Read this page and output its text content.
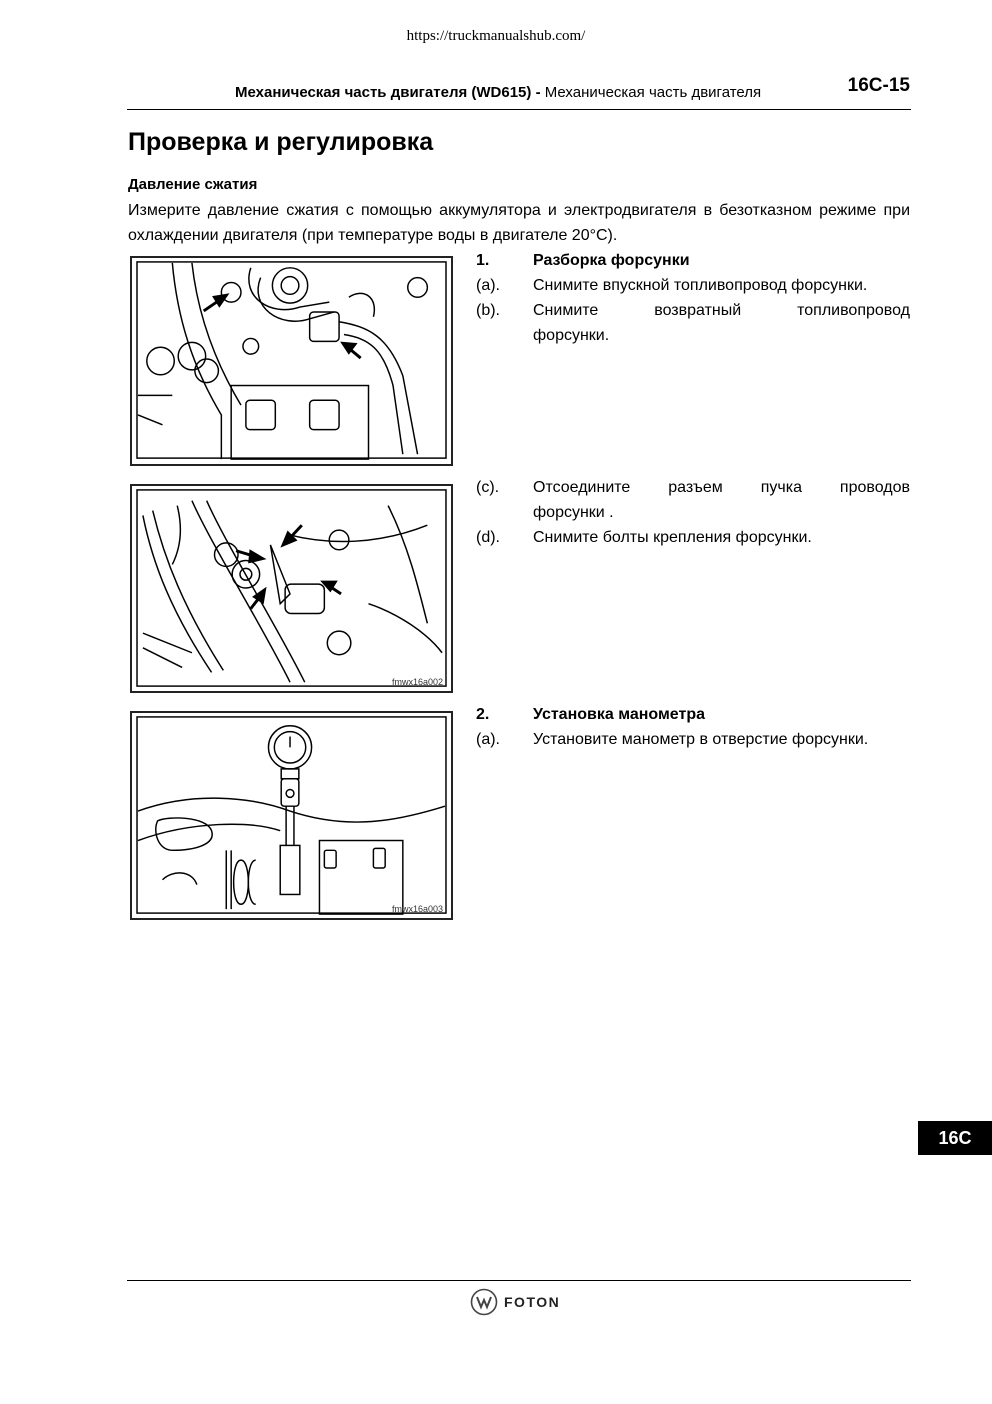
https://truckmanualshub.com/
Механическая часть двигателя (WD615) - Механическая часть двигателя	16С-15
Проверка и регулировка
Давление сжатия
Измерите давление сжатия с помощью аккумулятора и электродвигателя в безотказном режиме при охлаждении двигателя (при температуре воды в двигателе 20°С).
fmwx16a002
fmwx16a003
1.	Разборка форсунки
(a).	Снимите впускной топливопровод форсунки.
(b).	Снимите возвратный топливопровод
форсунки.
(c).	Отсоедините разъем пучка проводов
форсунки .
(d).	Снимите болты крепления форсунки.
2.	Установка манометра
(a).	Установите манометр в отверстие форсунки.
16С
FOTON
